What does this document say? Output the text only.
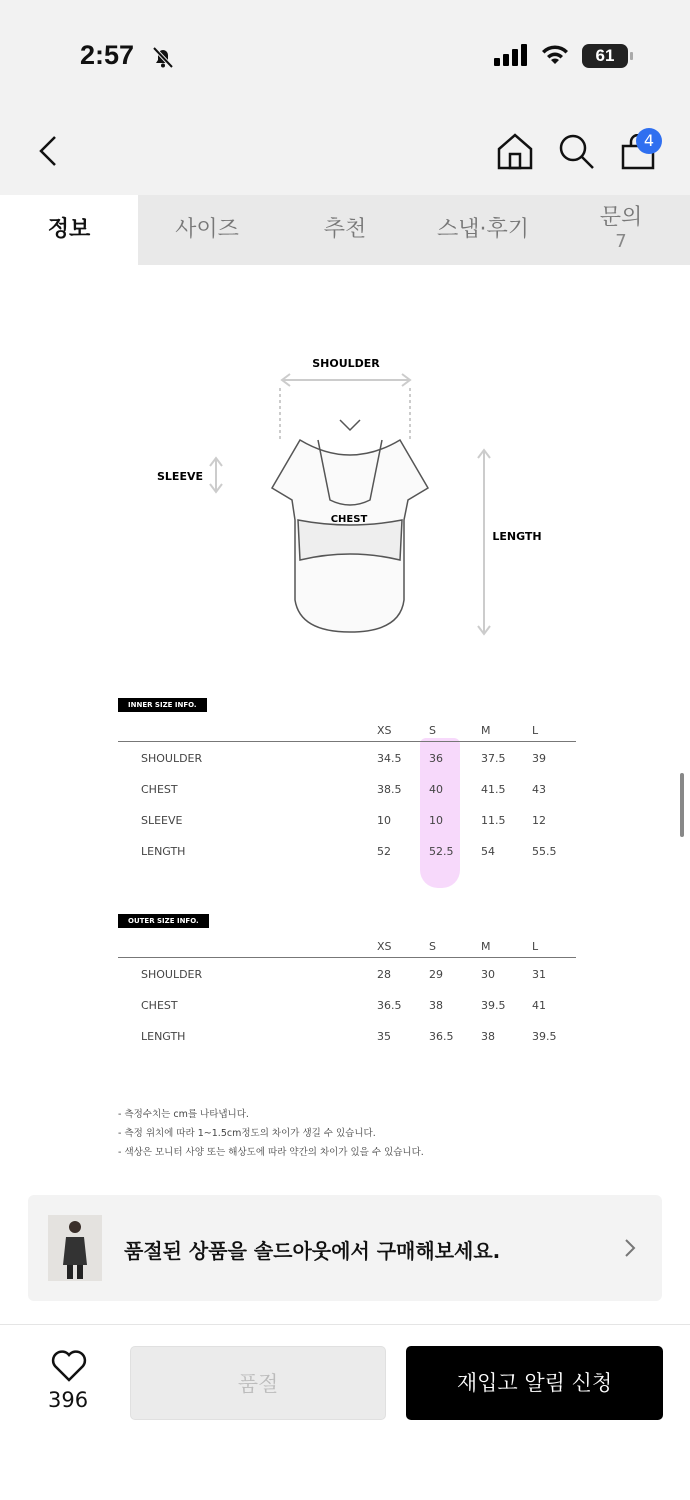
2:57	61
4
정보	사이즈	추천	스냅·후기	문의
7
SHOULDER
SLEEVE
CHEST
LENGTH
INNER SIZE INFO.
XS	S	M	L
SHOULDER	34.5	36	37.5 39
CHEST	38.5	40	41.5 43
SLEEVE	10	10	11.5 12
LENGTH	52	52.5	54	55.5
OUTER SIZE INFO.
XS	S	M	L
SHOULDER	28	29	30	31
CHEST	36.5	38	39.5 41
LENGTH	35	36.5	38	39.5
- 측정수치는 cm를 나타냅니다.
- 측정 위치에 따라 1~1.5cm정도의 차이가 생길 수 있습니다.
- 색상은 모니터 사양 또는 해상도에 따라 약간의 차이가 있을 수 있습니다.
품절된 상품을 솔드아웃에서 구매해보세요.
396
품절	재입고 알림 신청
